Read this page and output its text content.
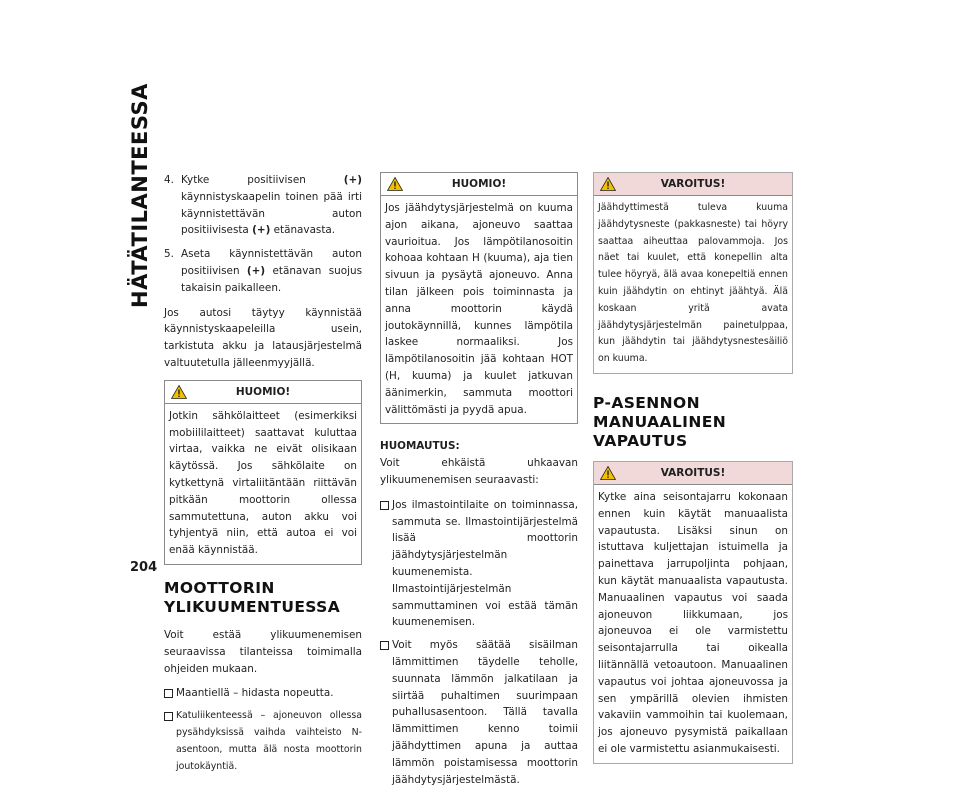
HÄTÄTILANTEESSA
204
4. Kytke positiivisen (+) käynnistyskaapelin toinen pää irti käynnistettävän auton positiivisesta (+) etänavasta.
5. Aseta käynnistettävän auton positiivisen (+) etänavan suojus takaisin paikalleen.

Jos autosi täytyy käynnistää käynnistyskaapeleilla usein, tarkistuta akku ja latausjärjestelmä valtuutetulla jälleenmyyjällä.

HUOMIO!
Jotkin sähkölaitteet (esimerkiksi mobiililaitteet) saattavat kuluttaa virtaa, vaikka ne eivät olisikaan käytössä. Jos sähkölaite on kytkettynä virtaliitäntään riittävän pitkään moottorin ollessa sammutettuna, auton akku voi tyhjentyä niin, että autoa ei voi enää käynnistää.
MOOTTORIN YLIKUUMENTUESSA

Voit estää ylikuumenemisen seuraavissa tilanteissa toimimalla ohjeiden mukaan.

Maantiellä – hidasta nopeutta.
Katuliikenteessä – ajoneuvon ollessa pysähdyksissä vaihda vaihteisto N-asentoon, mutta älä nosta moottorin joutokäyntiä.
HUOMIO!
Jos jäähdytysjärjestelmä on kuuma ajon aikana, ajoneuvo saattaa vaurioitua. Jos lämpötilanosoitin kohoaa kohtaan H (kuuma), aja tien sivuun ja pysäytä ajoneuvo. Anna tilan jälkeen pois toiminnasta ja anna moottorin käydä joutokäynnillä, kunnes lämpötila laskee normaaliksi. Jos lämpötilanosoitin jää kohtaan HOT (H, kuuma) ja kuulet jatkuvan äänimerkin, sammuta moottori välittömästi ja pyydä apua.

HUOMAUTUS:

Voit ehkäistä uhkaavan ylikuumenemisen seuraavasti:

Jos ilmastointilaite on toiminnassa, sammuta se. Ilmastointijärjestelmä lisää moottorin jäähdytysjärjestelmän kuumenemista. Ilmastointijärjestelmän sammuttaminen voi estää tämän kuumenemisen.
Voit myös säätää sisäilman lämmittimen täydelle teholle, suunnata lämmön jalkatilaan ja siirtää puhaltimen suurimpaan puhallusasentoon. Tällä tavalla lämmittimen kenno toimii jäähdyttimen apuna ja auttaa lämmön poistamisessa moottorin jäähdytysjärjestelmästä.
VAROITUS!
Jäähdyttimestä tuleva kuuma jäähdytysneste (pakkasneste) tai höyry saattaa aiheuttaa palovammoja. Jos näet tai kuulet, että konepellin alta tulee höyryä, älä avaa konepeltiä ennen kuin jäähdytin on ehtinyt jäähtyä. Älä koskaan yritä avata jäähdytysjärjestelmän painetulppaa, kun jäähdytin tai jäähdytysnestesäiliö on kuuma.
P-ASENNON MANUAALINEN VAPAUTUS
VAROITUS!
Kytke aina seisontajarru kokonaan ennen kuin käytät manuaalista vapautusta. Lisäksi sinun on istuttava kuljettajan istuimella ja painettava jarrupoljinta pohjaan, kun käytät manuaalista vapautusta. Manuaalinen vapautus voi saada ajoneuvon liikkumaan, jos ajoneuvoa ei ole varmistettu seisontajarrulla tai oikealla liitännällä vetoautoon. Manuaalinen vapautus voi johtaa ajoneuvossa ja sen ympärillä olevien ihmisten vakaviin vammoihin tai kuolemaan, jos ajoneuvo pysymistä paikallaan ei ole varmistettu asianmukaisesti.
